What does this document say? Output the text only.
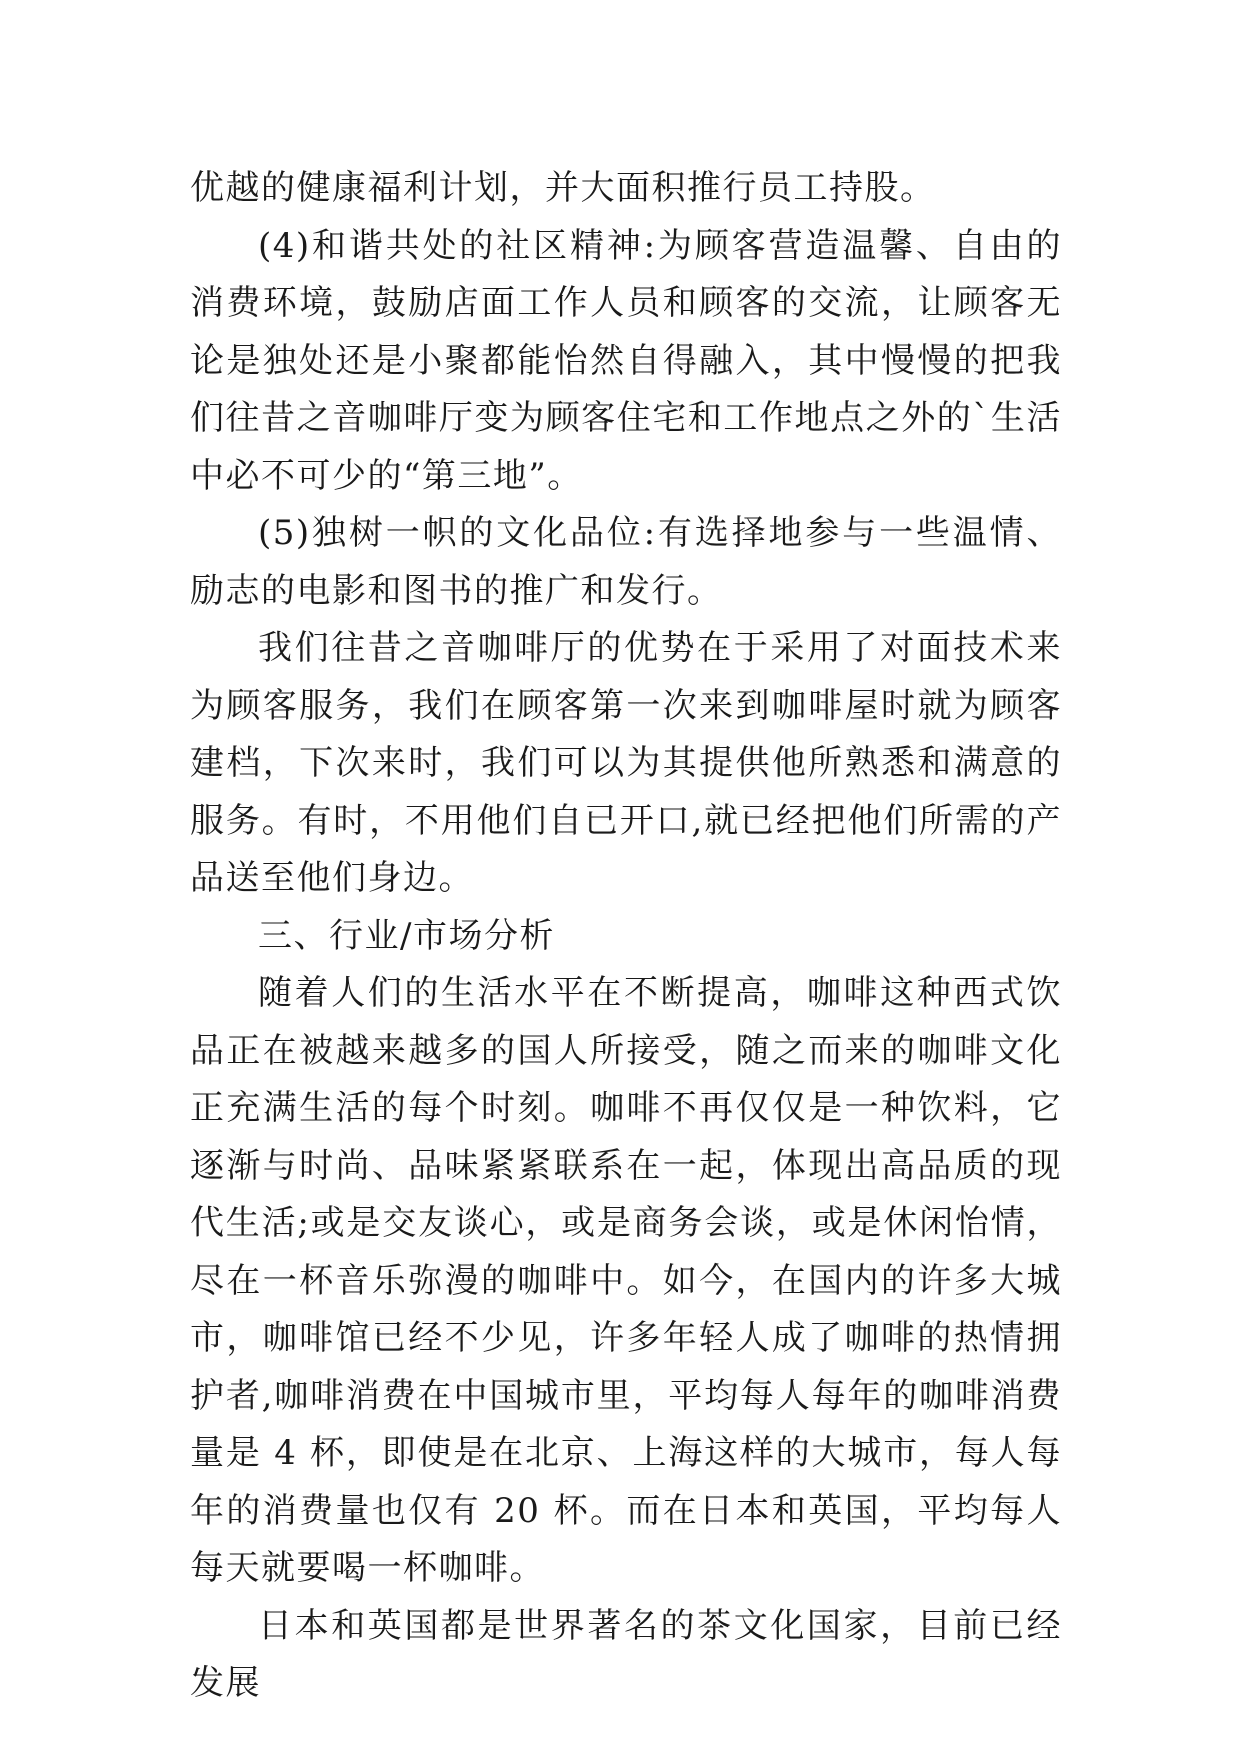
优越的健康福利计划，并大面积推行员工持股。

(4)和谐共处的社区精神:为顾客营造温馨、自由的消费环境，鼓励店面工作人员和顾客的交流，让顾客无论是独处还是小聚都能怡然自得融入，其中慢慢的把我们往昔之音咖啡厅变为顾客住宅和工作地点之外的`生活中必不可少的“第三地”。

(5)独树一帜的文化品位:有选择地参与一些温情、励志的电影和图书的推广和发行。

我们往昔之音咖啡厅的优势在于采用了对面技术来为顾客服务，我们在顾客第一次来到咖啡屋时就为顾客建档，下次来时，我们可以为其提供他所熟悉和满意的服务。有时，不用他们自已开口,就已经把他们所需的产品送至他们身边。

三、行业/市场分析

随着人们的生活水平在不断提高，咖啡这种西式饮品正在被越来越多的国人所接受，随之而来的咖啡文化正充满生活的每个时刻。咖啡不再仅仅是一种饮料，它逐渐与时尚、品味紧紧联系在一起，体现出高品质的现代生活;或是交友谈心，或是商务会谈，或是休闲怡情，尽在一杯音乐弥漫的咖啡中。如今，在国内的许多大城市，咖啡馆已经不少见，许多年轻人成了咖啡的热情拥护者,咖啡消费在中国城市里，平均每人每年的咖啡消费量是 4 杯，即使是在北京、上海这样的大城市，每人每年的消费量也仅有 20 杯。而在日本和英国，平均每人每天就要喝一杯咖啡。

日本和英国都是世界著名的茶文化国家，目前已经发展
